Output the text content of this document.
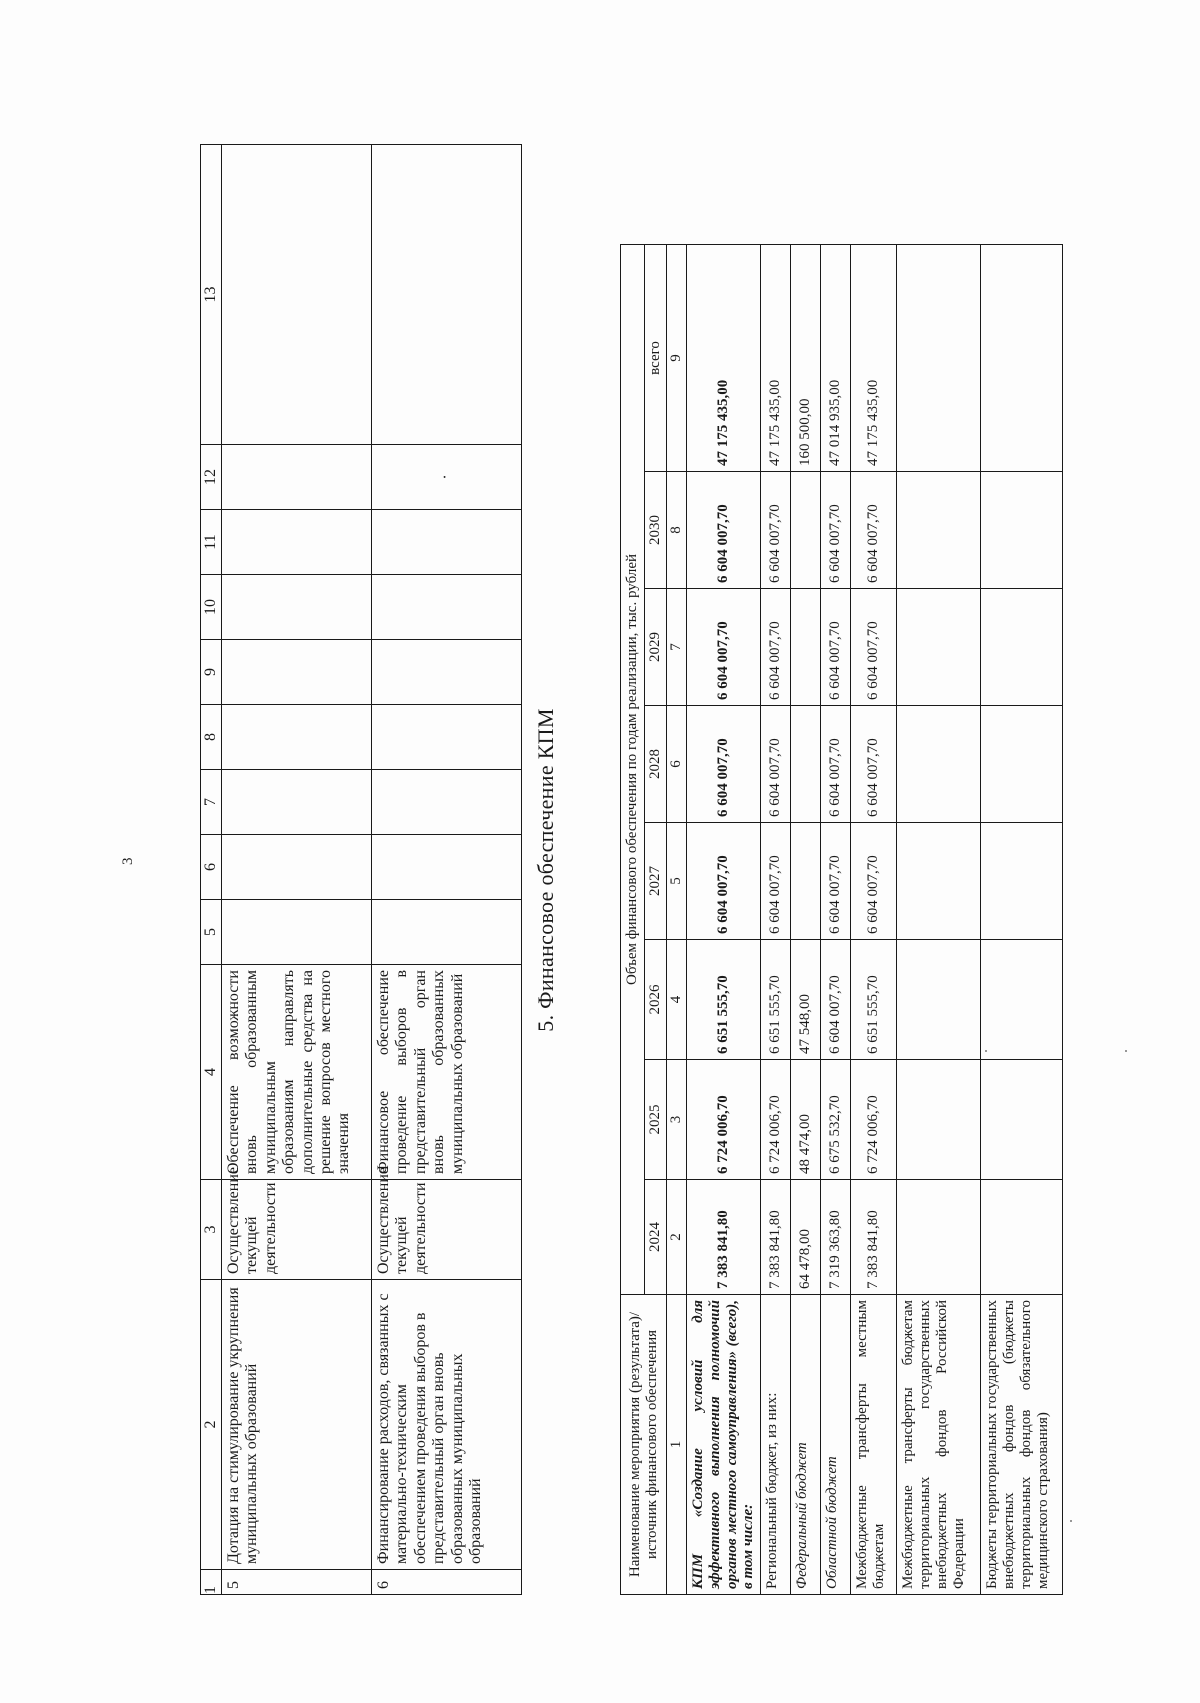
3
1	2	3	4	5	6	7	8	9	10	11	12	13
5	Дотация на стимулирование укрупнения муниципальных образований	Осуществление текущей деятельности	Обеспечение возможности вновь образованным муниципальным образованиям направлять дополнительные средства на решение вопросов местного значения									
6	Финансирование расходов, связанных с материально-техническим обеспечением проведения выборов в представительный орган вновь образованных муниципальных образований	Осуществление текущей деятельности	Финансовое обеспечение проведение выборов в представительный орган вновь образованных муниципальных образований								·	
5. Финансовое обеспечение КПМ
Наименование мероприятия (результата)/ источник финансового обеспечения	Объем финансового обеспечения по годам реализации, тыс. рублей							
	2024	2025	2026	2027	2028	2029	2030	всего
1	2	3	4	5	6	7	8	9
КПМ «Создание условий для эффективного выполнения полномочий органов местного самоуправления» (всего), в том числе:	7 383 841,80	6 724 006,70	6 651 555,70	6 604 007,70	6 604 007,70	6 604 007,70	6 604 007,70	47 175 435,00
Региональный бюджет, из них:	7 383 841,80	6 724 006,70	6 651 555,70	6 604 007,70	6 604 007,70	6 604 007,70	6 604 007,70	47 175 435,00
Федеральный бюджет	64 478,00	48 474,00	47 548,00					160 500,00
Областной бюджет	7 319 363,80	6 675 532,70	6 604 007,70	6 604 007,70	6 604 007,70	6 604 007,70	6 604 007,70	47 014 935,00
Межбюджетные трансферты местным бюджетам	7 383 841,80	6 724 006,70	6 651 555,70	6 604 007,70	6 604 007,70	6 604 007,70	6 604 007,70	47 175 435,00
Межбюджетные трансферты бюджетам территориальных государственных внебюджетных фондов Российской Федерации								
Бюджеты территориальных государственных внебюджетных фондов (бюджеты территориальных фондов обязательного медицинского страхования)								
